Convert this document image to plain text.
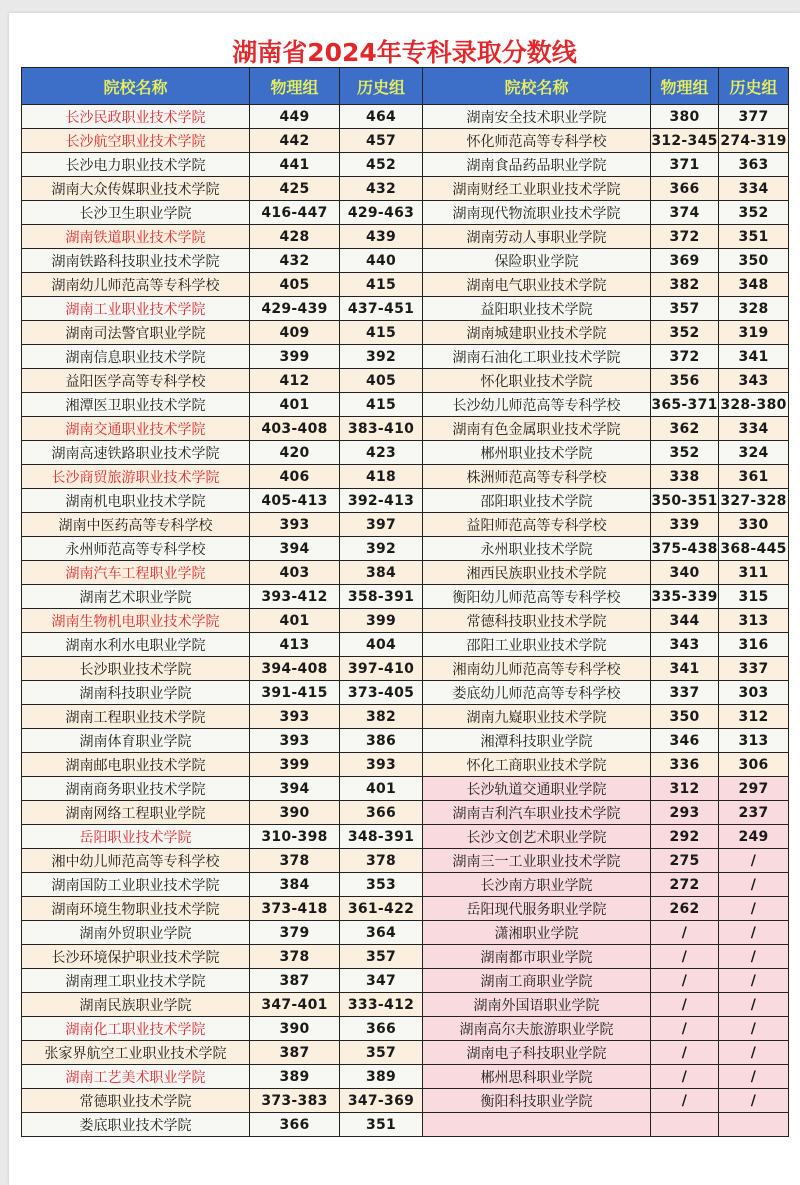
湖南省2024年专科录取分数线
院校名称	物理组	历史组	院校名称	物理组	历史组
长沙民政职业技术学院	449	464	湖南安全技术职业学院	380	377
长沙航空职业技术学院	442	457	怀化师范高等专科学校	312-345	274-319
长沙电力职业技术学院	441	452	湖南食品药品职业学院	371	363
湖南大众传媒职业技术学院	425	432	湖南财经工业职业技术学院	366	334
长沙卫生职业学院	416-447	429-463	湖南现代物流职业技术学院	374	352
湖南铁道职业技术学院	428	439	湖南劳动人事职业学院	372	351
湖南铁路科技职业技术学院	432	440	保险职业学院	369	350
湖南幼儿师范高等专科学校	405	415	湖南电气职业技术学院	382	348
湖南工业职业技术学院	429-439	437-451	益阳职业技术学院	357	328
湖南司法警官职业学院	409	415	湖南城建职业技术学院	352	319
湖南信息职业技术学院	399	392	湖南石油化工职业技术学院	372	341
益阳医学高等专科学校	412	405	怀化职业技术学院	356	343
湘潭医卫职业技术学院	401	415	长沙幼儿师范高等专科学校	365-371	328-380
湖南交通职业技术学院	403-408	383-410	湖南有色金属职业技术学院	362	334
湖南高速铁路职业技术学院	420	423	郴州职业技术学院	352	324
长沙商贸旅游职业技术学院	406	418	株洲师范高等专科学校	338	361
湖南机电职业技术学院	405-413	392-413	邵阳职业技术学院	350-351	327-328
湖南中医药高等专科学校	393	397	益阳师范高等专科学校	339	330
永州师范高等专科学校	394	392	永州职业技术学院	375-438	368-445
湖南汽车工程职业学院	403	384	湘西民族职业技术学院	340	311
湖南艺术职业学院	393-412	358-391	衡阳幼儿师范高等专科学校	335-339	315
湖南生物机电职业技术学院	401	399	常德科技职业技术学院	344	313
湖南水利水电职业学院	413	404	邵阳工业职业技术学院	343	316
长沙职业技术学院	394-408	397-410	湘南幼儿师范高等专科学校	341	337
湖南科技职业学院	391-415	373-405	娄底幼儿师范高等专科学校	337	303
湖南工程职业技术学院	393	382	湖南九嶷职业技术学院	350	312
湖南体育职业学院	393	386	湘潭科技职业学院	346	313
湖南邮电职业技术学院	399	393	怀化工商职业技术学院	336	306
湖南商务职业技术学院	394	401	长沙轨道交通职业学院	312	297
湖南网络工程职业学院	390	366	湖南吉利汽车职业技术学院	293	237
岳阳职业技术学院	310-398	348-391	长沙文创艺术职业学院	292	249
湘中幼儿师范高等专科学校	378	378	湖南三一工业职业技术学院	275	/
湖南国防工业职业技术学院	384	353	长沙南方职业学院	272	/
湖南环境生物职业技术学院	373-418	361-422	岳阳现代服务职业学院	262	/
湖南外贸职业学院	379	364	潇湘职业学院	/	/
长沙环境保护职业技术学院	378	357	湖南都市职业学院	/	/
湖南理工职业技术学院	387	347	湖南工商职业学院	/	/
湖南民族职业学院	347-401	333-412	湖南外国语职业学院	/	/
湖南化工职业技术学院	390	366	湖南高尔夫旅游职业学院	/	/
张家界航空工业职业技术学院	387	357	湖南电子科技职业学院	/	/
湖南工艺美术职业学院	389	389	郴州思科职业学院	/	/
常德职业技术学院	373-383	347-369	衡阳科技职业学院	/	/
娄底职业技术学院	366	351			
